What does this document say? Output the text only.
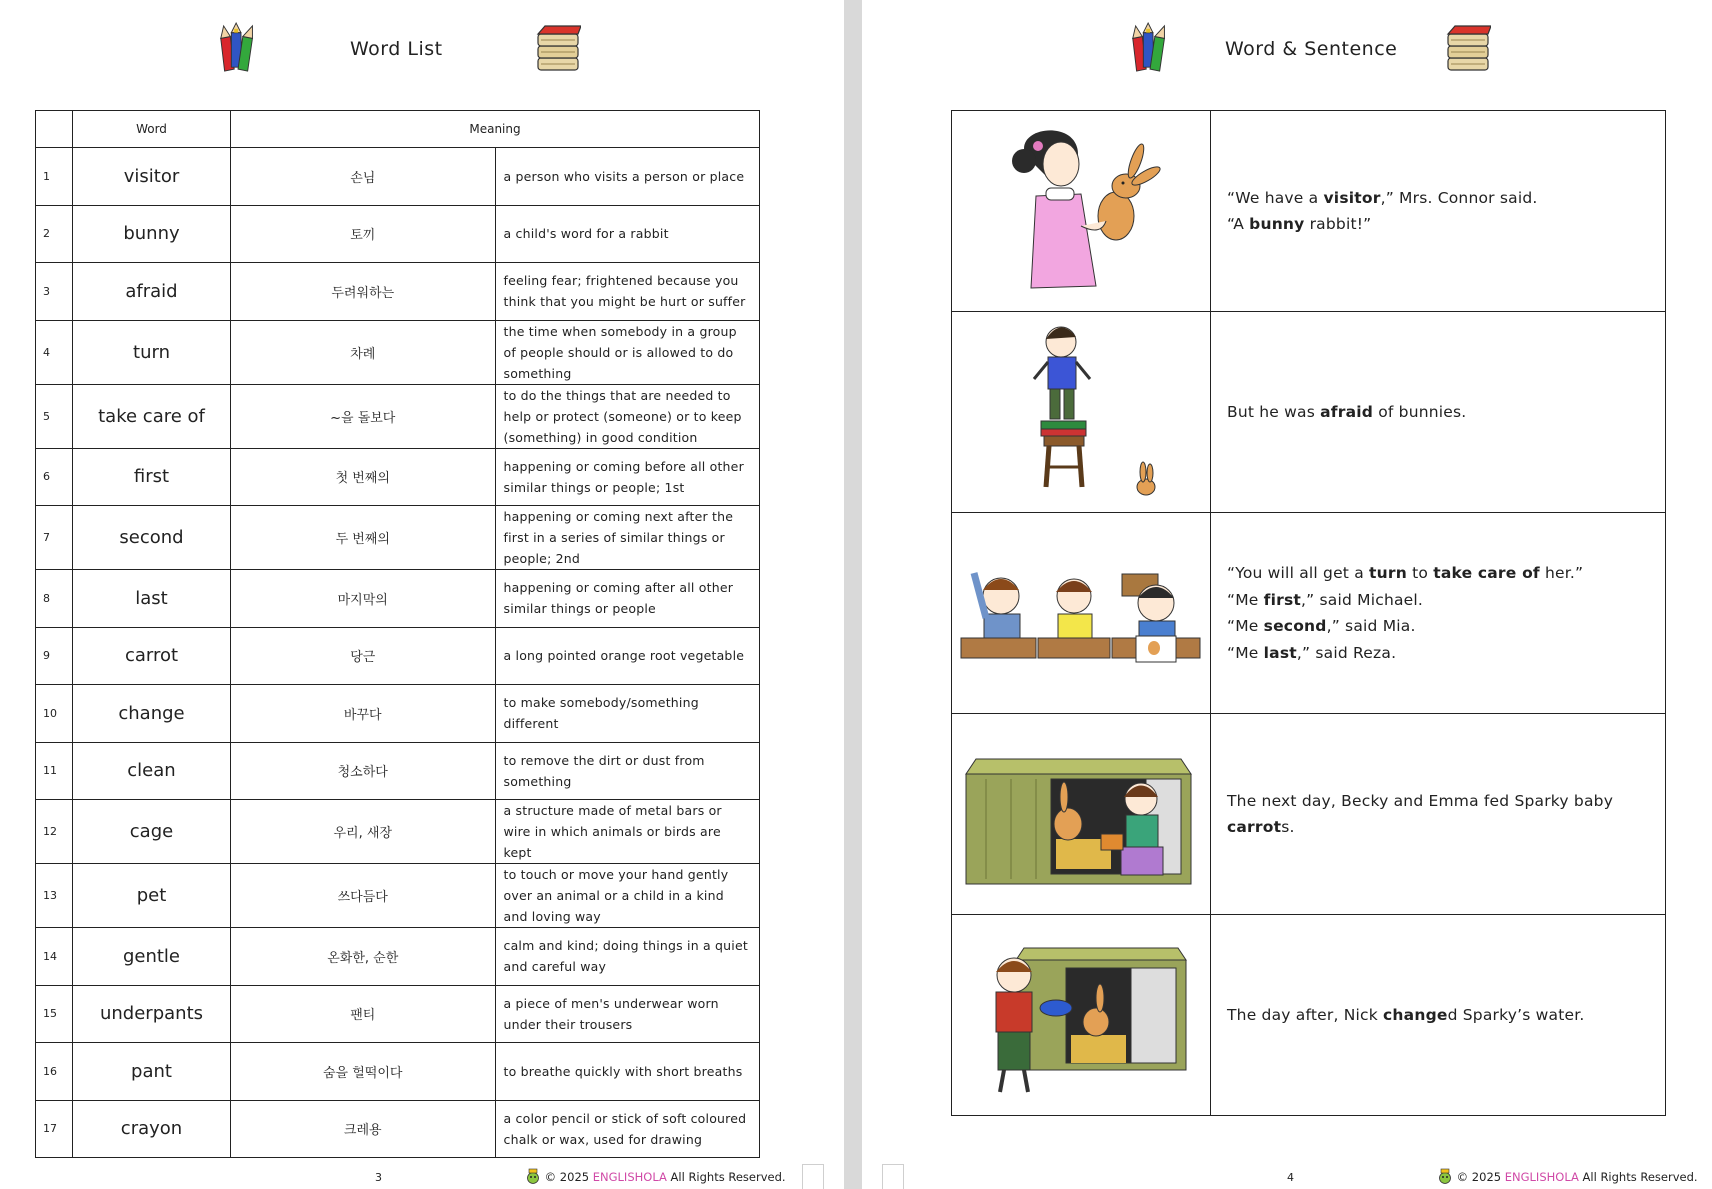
Word List
	Word	Meaning	
1	visitor	손님	a person who visits a person or place
2	bunny	토끼	a child's word for a rabbit
3	afraid	두려워하는	feeling fear; frightened because you think that you might be hurt or suffer
4	turn	차례	the time when somebody in a group of people should or is allowed to do something
5	take care of	~을 돌보다	to do the things that are needed to help or protect (someone) or to keep (something) in good condition
6	first	첫 번째의	happening or coming before all other similar things or people; 1st
7	second	두 번째의	happening or coming next after the first in a series of similar things or people; 2nd
8	last	마지막의	happening or coming after all other similar things or people
9	carrot	당근	a long pointed orange root vegetable
10	change	바꾸다	to make somebody/something different
11	clean	청소하다	to remove the dirt or dust from something
12	cage	우리, 새장	a structure made of metal bars or wire in which animals or birds are kept
13	pet	쓰다듬다	to touch or move your hand gently over an animal or a child in a kind and loving way
14	gentle	온화한, 순한	calm and kind; doing things in a quiet and careful way
15	underpants	팬티	a piece of men's underwear worn under their trousers
16	pant	숨을 헐떡이다	to breathe quickly with short breaths
17	crayon	크레용	a color pencil or stick of soft coloured chalk or wax, used for drawing
3	© 2025 ENGLISHOLA All Rights Reserved.
Word & Sentence

“We have a visitor,” Mrs. Connor said.
“A bunny rabbit!”

But he was afraid of bunnies.

“You will all get a turn to take care of her.”
“Me first,” said Michael.
“Me second,” said Mia.
“Me last,” said Reza.

The next day, Becky and Emma fed Sparky baby
carrots.

The day after, Nick changed Sparky’s water.
4	© 2025 ENGLISHOLA All Rights Reserved.
